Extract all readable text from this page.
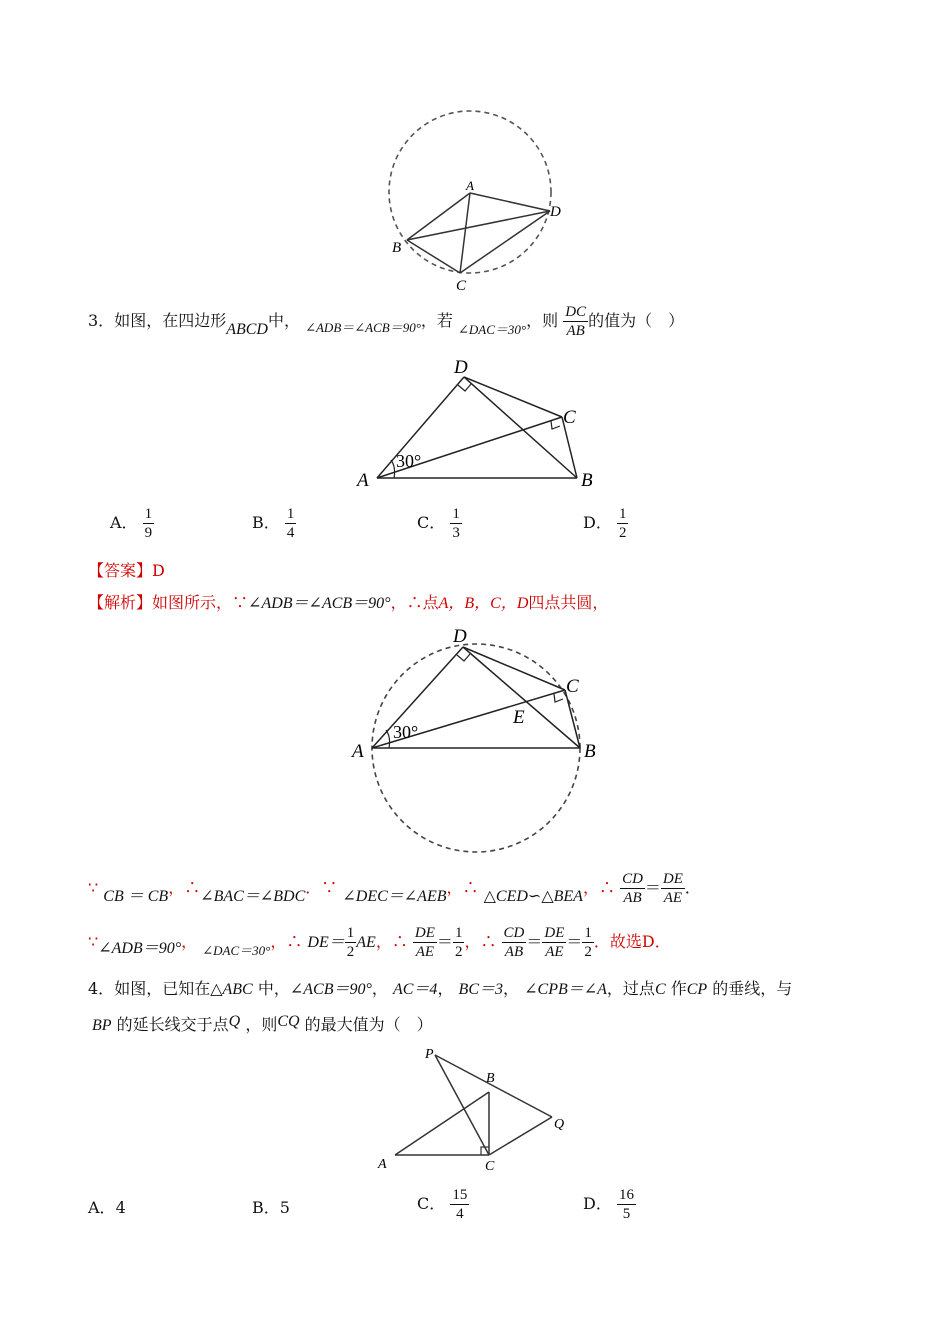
A
B
C
D
3．如图，在四边形ABCD中， $_{\angle ADB=\angle ACB=90^\circ}$，若 $_{\angle DAC=30^\circ}$，则 $\frac{DC}{AB}$ 的值为（　）
D
C
A	B
30°
A． $\frac{1}{9}$	B． $\frac{1}{4}$	C． $\frac{1}{3}$	D． $\frac{1}{2}$
【答案】D
【解析】如图所示，∵∠ADB＝∠ACB＝90°，∴点A，B，C，D四点共圆，
D
C
E
A	B
30°
∵ CB ＝ CB，∴∠BAC＝∠BDC．∵ ∠DEC＝∠AEB，∴ △CED∽△BEA，∴ $\frac{CD}{AB} = \frac{DE}{AE}$ ．
∵∠ADB＝90°， $_{\angle DAC=30^\circ}$，∴ $DE= \frac{1}{2}$ AE，∴ $\frac{DE}{AE} = \frac{1}{2}$ ，∴ $\frac{CD}{AB} = \frac{DE}{AE} = \frac{1}{2}$ ．故选D．
4．如图，已知在△ABC 中，∠ACB＝90°， AC＝4， BC＝3， ∠CPB＝∠A，过点C 作CP 的垂线，与
BP 的延长线交于点Q ，则CQ 的最大值为（　）
P
B
Q
A	C
A．4	B．5	C． $\frac{15}{4}$	D． $\frac{16}{5}$
